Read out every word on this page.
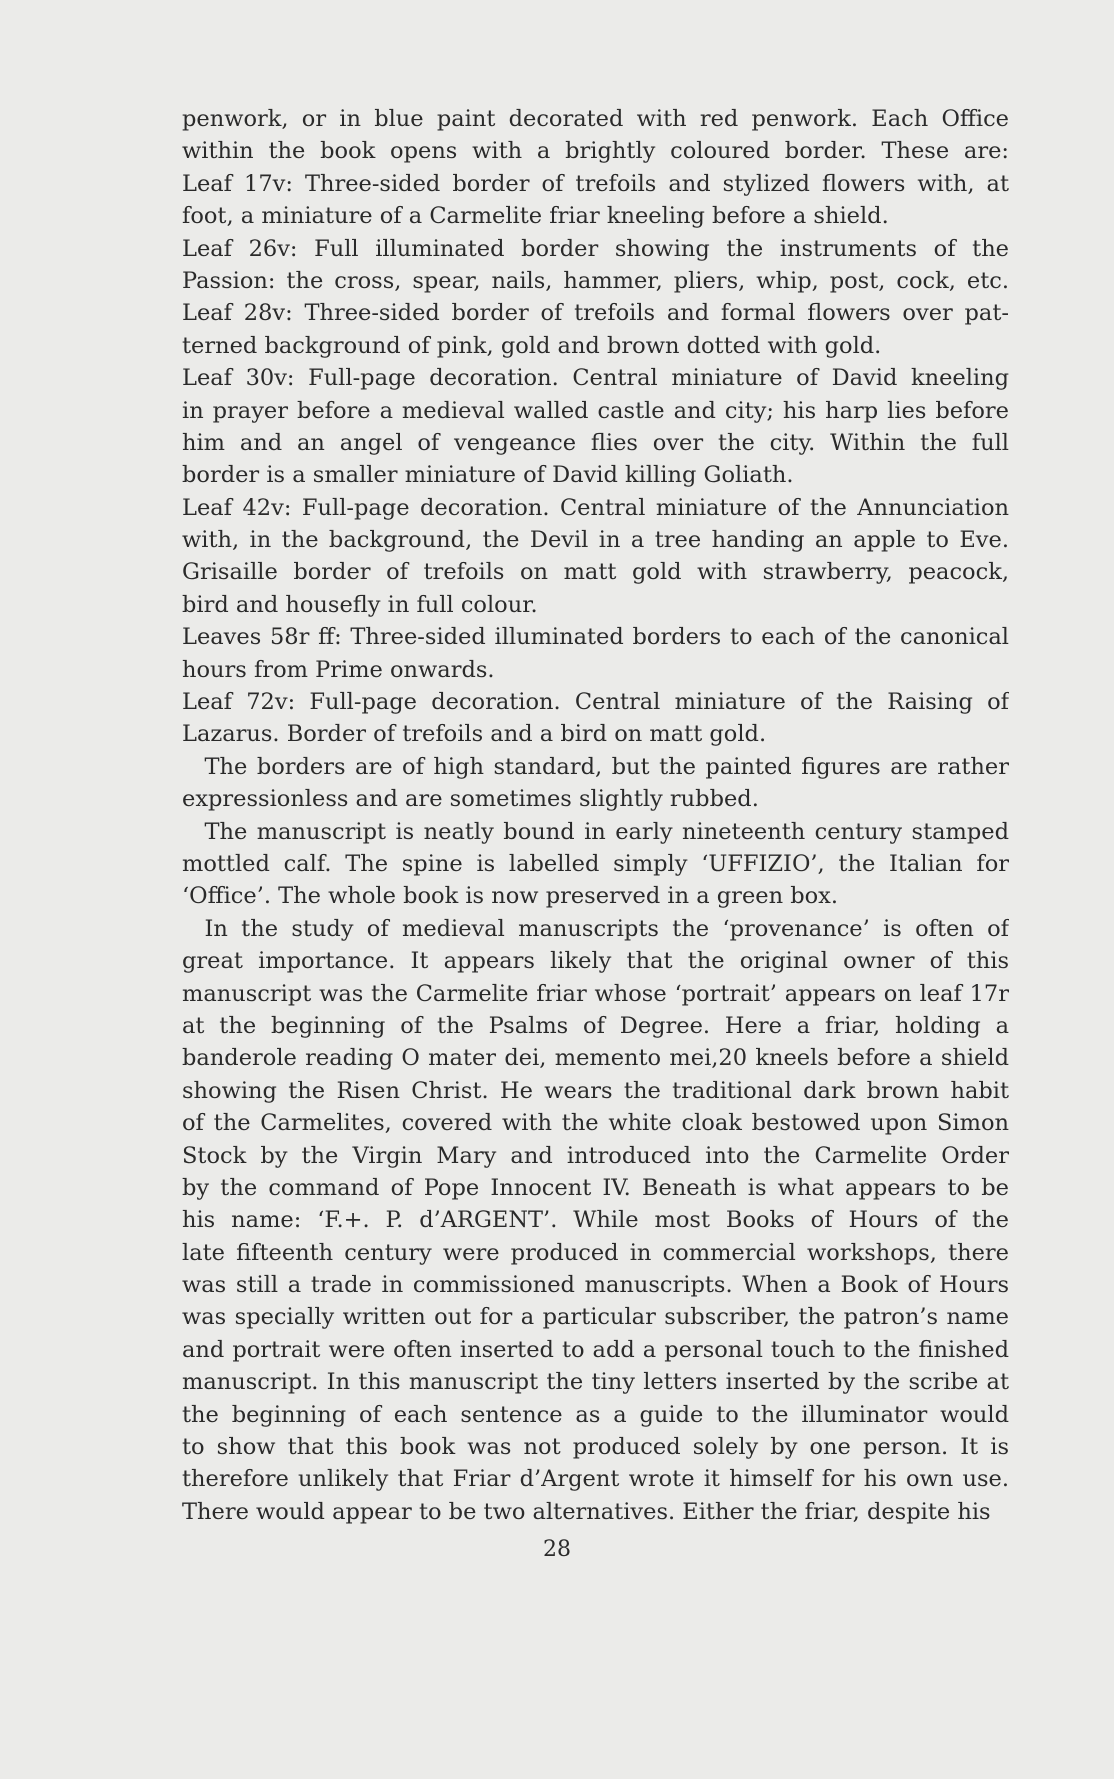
penwork, or in blue paint decorated with red penwork. Each Office
within the book opens with a brightly coloured border. These are:
Leaf 17v: Three-sided border of trefoils and stylized flowers with, at
foot, a miniature of a Carmelite friar kneeling before a shield.
Leaf 26v: Full illuminated border showing the instruments of the
Passion: the cross, spear, nails, hammer, pliers, whip, post, cock, etc.
Leaf 28v: Three-sided border of trefoils and formal flowers over pat-
terned background of pink, gold and brown dotted with gold.
Leaf 30v: Full-page decoration. Central miniature of David kneeling
in prayer before a medieval walled castle and city; his harp lies before
him and an angel of vengeance flies over the city. Within the full
border is a smaller miniature of David killing Goliath.
Leaf 42v: Full-page decoration. Central miniature of the Annunciation
with, in the background, the Devil in a tree handing an apple to Eve.
Grisaille border of trefoils on matt gold with strawberry, peacock,
bird and housefly in full colour.
Leaves 58r ff: Three-sided illuminated borders to each of the canonical
hours from Prime onwards.
Leaf 72v: Full-page decoration. Central miniature of the Raising of
Lazarus. Border of trefoils and a bird on matt gold.
 The borders are of high standard, but the painted figures are rather
expressionless and are sometimes slightly rubbed.
 The manuscript is neatly bound in early nineteenth century stamped
mottled calf. The spine is labelled simply ‘UFFIZIO’, the Italian for
‘Office’. The whole book is now preserved in a green box.
 In the study of medieval manuscripts the ‘provenance’ is often of
great importance. It appears likely that the original owner of this
manuscript was the Carmelite friar whose ‘portrait’ appears on leaf 17r
at the beginning of the Psalms of Degree. Here a friar, holding a
banderole reading O mater dei, memento mei,20 kneels before a shield
showing the Risen Christ. He wears the traditional dark brown habit
of the Carmelites, covered with the white cloak bestowed upon Simon
Stock by the Virgin Mary and introduced into the Carmelite Order
by the command of Pope Innocent IV. Beneath is what appears to be
his name: ‘F.+. P. d’ARGENT’. While most Books of Hours of the
late fifteenth century were produced in commercial workshops, there
was still a trade in commissioned manuscripts. When a Book of Hours
was specially written out for a particular subscriber, the patron’s name
and portrait were often inserted to add a personal touch to the finished
manuscript. In this manuscript the tiny letters inserted by the scribe at
the beginning of each sentence as a guide to the illuminator would
to show that this book was not produced solely by one person. It is
therefore unlikely that Friar d’Argent wrote it himself for his own use.
There would appear to be two alternatives. Either the friar, despite his
28
